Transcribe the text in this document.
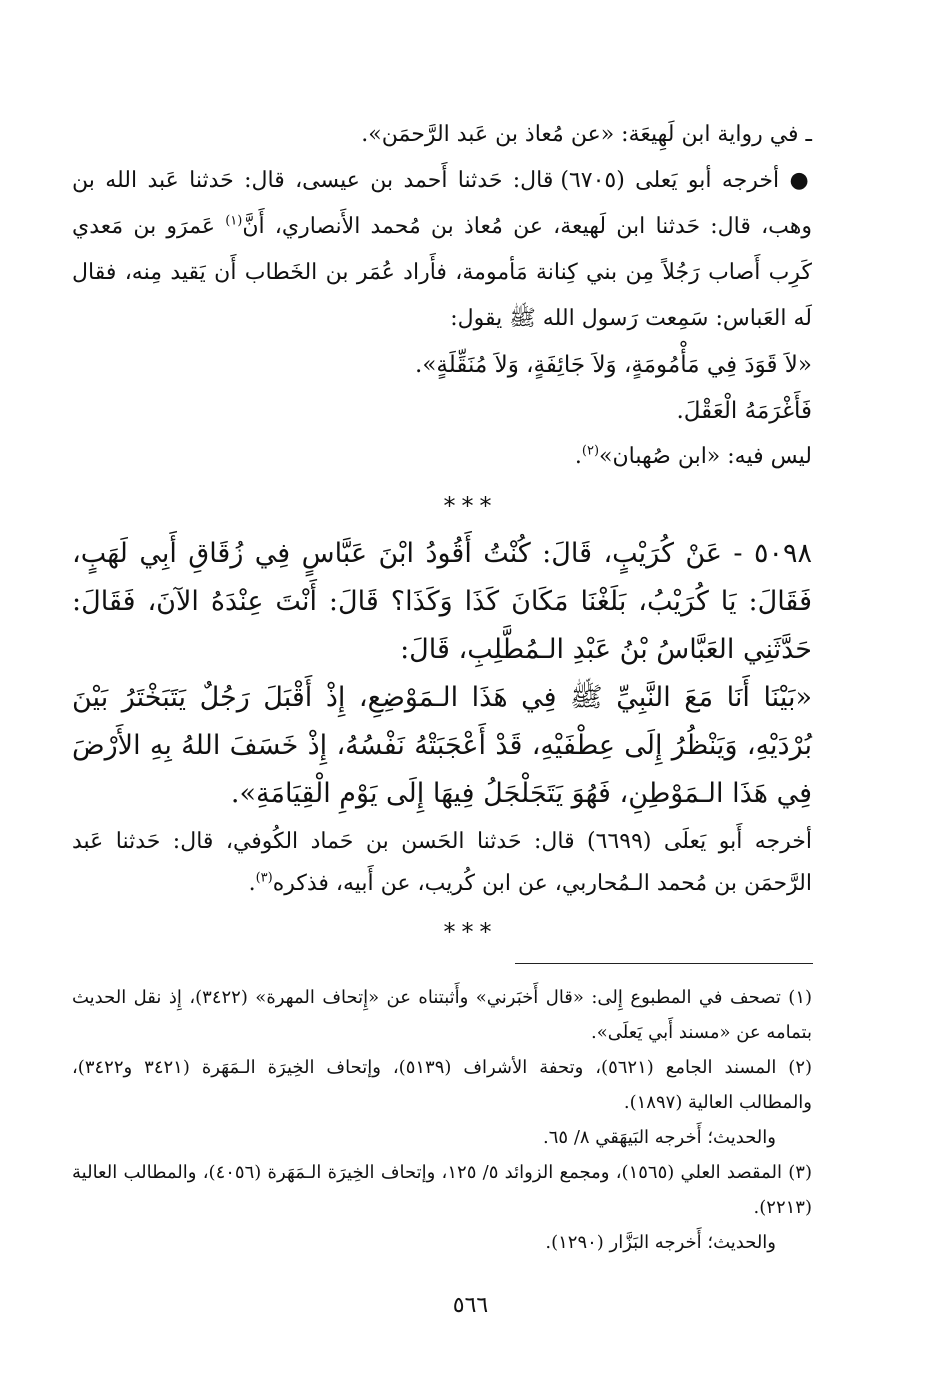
ـ في رواية ابن لَهِيعَة: «عن مُعاذ بن عَبد الرَّحمَن».

● أخرجه أبو يَعلى (٦٧٠٥) قال: حَدثنا أَحمد بن عيسى، قال: حَدثنا عَبد الله بن وهب، قال: حَدثنا ابن لَهيعة، عن مُعاذ بن مُحمد الأَنصاري، أَنَّ$^{(١)}$ عَمرَو بن مَعدي كَرِب أَصاب رَجُلاً مِن بني كِنانة مَأمومة، فأَراد عُمَر بن الخَطاب أَن يَقيد مِنه، فقال لَه العَباس: سَمِعت رَسول الله ﷺ يقول:

«لاَ قَوَدَ فِي مَأْمُومَةٍ، وَلاَ جَائِفَةٍ، وَلاَ مُنَقِّلَةٍ».

فَأَغْرَمَهُ الْعَقْلَ.

ليس فيه: «ابن صُهبان»$^{(٢)}$.

***

٥٠٩٨ - عَنْ كُرَيْبٍ، قَالَ: كُنْتُ أَقُودُ ابْنَ عَبَّاسٍ فِي زُقَاقِ أَبِي لَهَبٍ، فَقَالَ: يَا كُرَيْبُ، بَلَغْنَا مَكَانَ كَذَا وَكَذَا؟ قَالَ: أَنْتَ عِنْدَهُ الآنَ، فَقَالَ: حَدَّثَنِي العَبَّاسُ بْنُ عَبْدِ الـمُطَّلِبِ، قَالَ:

«بَيْنَا أَنَا مَعَ النَّبِيِّ ﷺ فِي هَذَا الـمَوْضِعِ، إِذْ أَقْبَلَ رَجُلٌ يَتَبَخْتَرُ بَيْنَ بُرْدَيْهِ، وَيَنْظُرُ إِلَى عِطْفَيْهِ، قَدْ أَعْجَبَتْهُ نَفْسُهُ، إِذْ خَسَفَ اللهُ بِهِ الأَرْضَ فِي هَذَا الـمَوْطِنِ، فَهُوَ يَتَجَلْجَلُ فِيهَا إِلَى يَوْمِ الْقِيَامَةِ».

أخرجه أَبو يَعلَى (٦٦٩٩) قال: حَدثنا الحَسن بن حَماد الكُوفي، قال: حَدثنا عَبد الرَّحمَن بن مُحمد الـمُحاربي، عن ابن كُريب، عن أَبيه، فذكره$^{(٣)}$.

***

(١) تصحف في المطبوع إِلى: «قال أَخبَرني» وأَثبتناه عن «إِتحاف المهرة» (٣٤٢٢)، إِذ نقل الحديث بتمامه عن «مسند أَبي يَعلَى».

(٢) المسند الجامع (٥٦٢١)، وتحفة الأشراف (٥١٣٩)، وإتحاف الخِيرَة الـمَهَرة (٣٤٢١ و٣٤٢٢)، والمطالب العالية (١٨٩٧).

والحديث؛ أَخرجه البَيهَقي ٨/ ٦٥.

(٣) المقصد العلي (١٥٦٥)، ومجمع الزوائد ٥/ ١٢٥، وإتحاف الخِيرَة الـمَهَرة (٤٠٥٦)، والمطالب العالية (٢٢١٣).

والحديث؛ أَخرجه البَزَّار (١٢٩٠).

٥٦٦
